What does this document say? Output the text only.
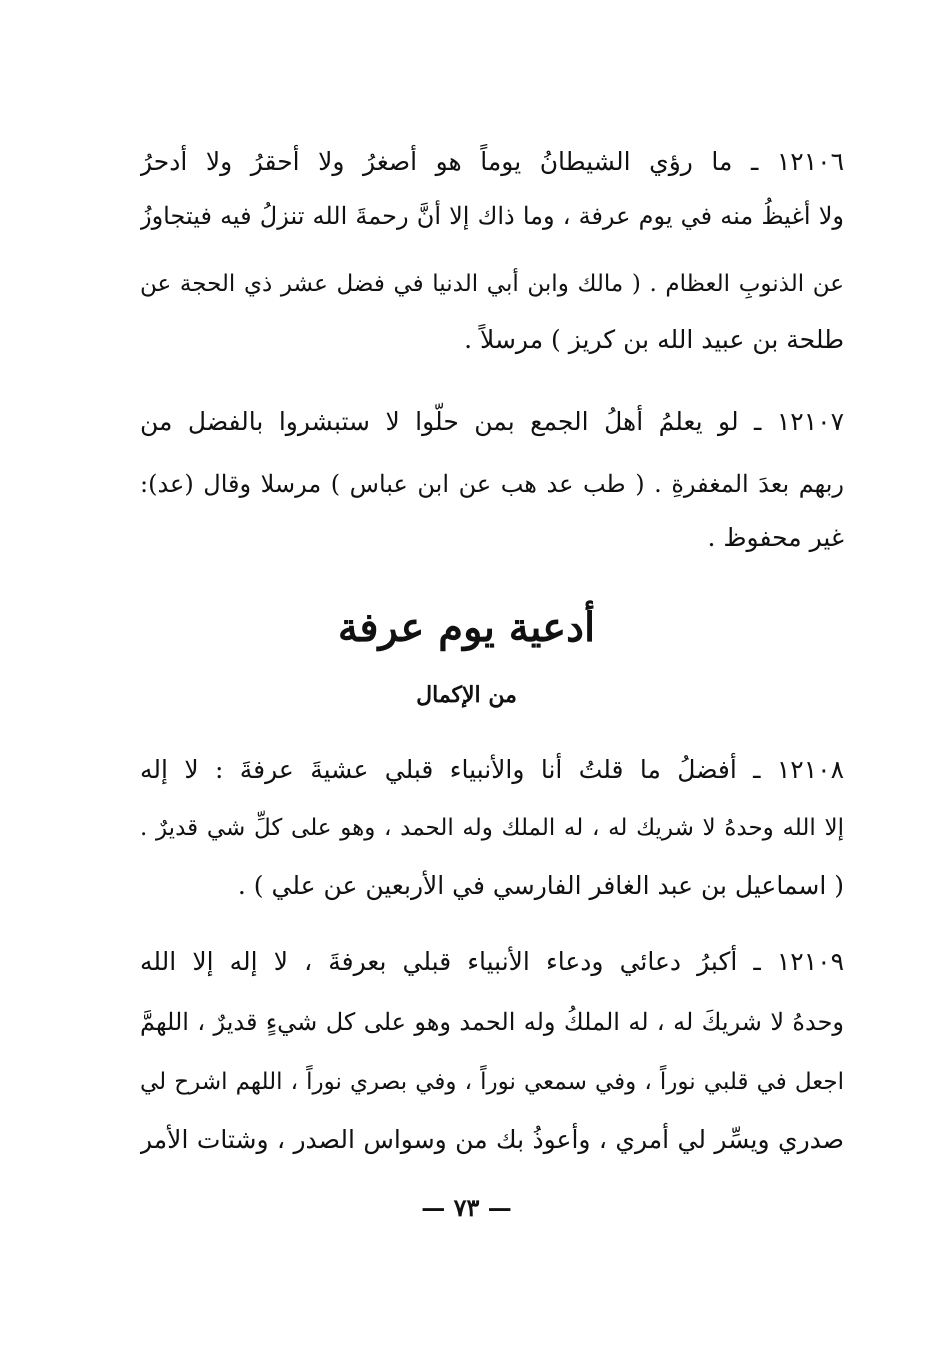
١٢١٠٦ ـ ما رؤي الشيطانُ يوماً هو أصغرُ ولا أحقرُ ولا أدحرُ
ولا أغيظُ منه في يوم عرفة ، وما ذاك إلا أنَّ رحمةَ الله تنزلُ فيه فيتجاوزُ
عن الذنوبِ العظام . ( مالك وابن أبي الدنيا في فضل عشر ذي الحجة عن
طلحة بن عبيد الله بن كريز ) مرسلاً .
١٢١٠٧ ـ لو يعلمُ أهلُ الجمع بمن حلّوا لا ستبشروا بالفضل من
ربهم بعدَ المغفرةِ . ( طب عد هب عن ابن عباس ) مرسلا وقال (عد):
غير محفوظ .
أدعية يوم عرفة
من الإكمال
١٢١٠٨ ـ أفضلُ ما قلتُ أنا والأنبياء قبلي عشيةَ عرفةَ : لا إله
إلا الله وحدهُ لا شريك له ، له الملك وله الحمد ، وهو على كلِّ شي قديرٌ .
( اسماعيل بن عبد الغافر الفارسي في الأربعين عن علي ) .
١٢١٠٩ ـ أكبرُ دعائي ودعاء الأنبياء قبلي بعرفةَ ، لا إله إلا الله
وحدهُ لا شريكَ له ، له الملكُ وله الحمد وهو على كل شيءٍ قديرٌ ، اللهمَّ
اجعل في قلبي نوراً ، وفي سمعي نوراً ، وفي بصري نوراً ، اللهم اشرح لي
صدري ويسِّر لي أمري ، وأعوذُ بك من وسواس الصدر ، وشتات الأمر
— ٧٣ —
